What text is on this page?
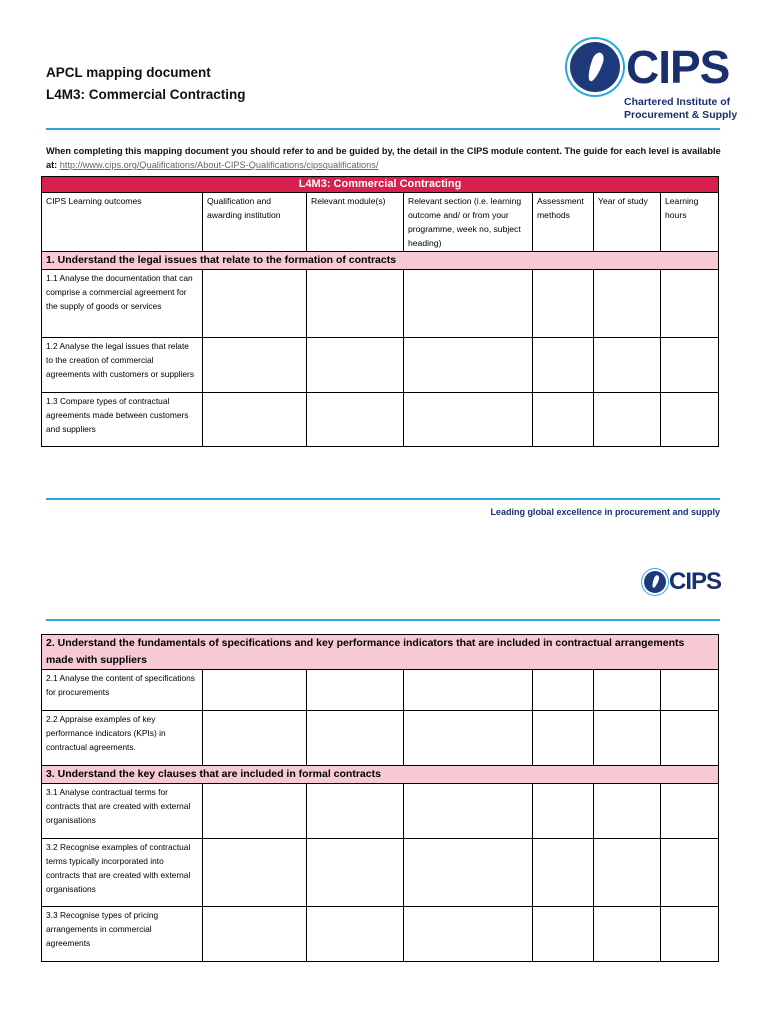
APCL mapping document
L4M3: Commercial Contracting
CIPS
Chartered Institute of
Procurement & Supply
When completing this mapping document you should refer to and be guided by, the detail in the CIPS module content. The guide for each level is available at: http://www.cips.org/Qualifications/About-CIPS-Qualifications/cipsqualifications/
L4M3: Commercial Contracting						
CIPS Learning outcomes	Qualification and awarding institution	Relevant module(s)	Relevant section (i.e. learning outcome and/ or from your programme, week no, subject heading)	Assessment methods	Year of study	Learning hours
1. Understand the legal issues that relate to the formation of contracts						
1.1 Analyse the documentation that can comprise a commercial agreement for the supply of goods or services						
1.2 Analyse the legal issues that relate to the creation of commercial agreements with customers or suppliers						
1.3 Compare types of contractual agreements made between customers and suppliers						
Leading global excellence in procurement and supply
CIPS
2. Understand the fundamentals of specifications and key performance indicators that are included in contractual arrangements made with suppliers						
2.1 Analyse the content of specifications for procurements						
2.2 Appraise examples of key performance indicators (KPIs) in contractual agreements.						
3. Understand the key clauses that are included in formal contracts						
3.1 Analyse contractual terms for contracts that are created with external organisations						
3.2 Recognise examples of contractual terms typically incorporated into contracts that are created with external organisations						
3.3 Recognise types of pricing arrangements in commercial agreements						
